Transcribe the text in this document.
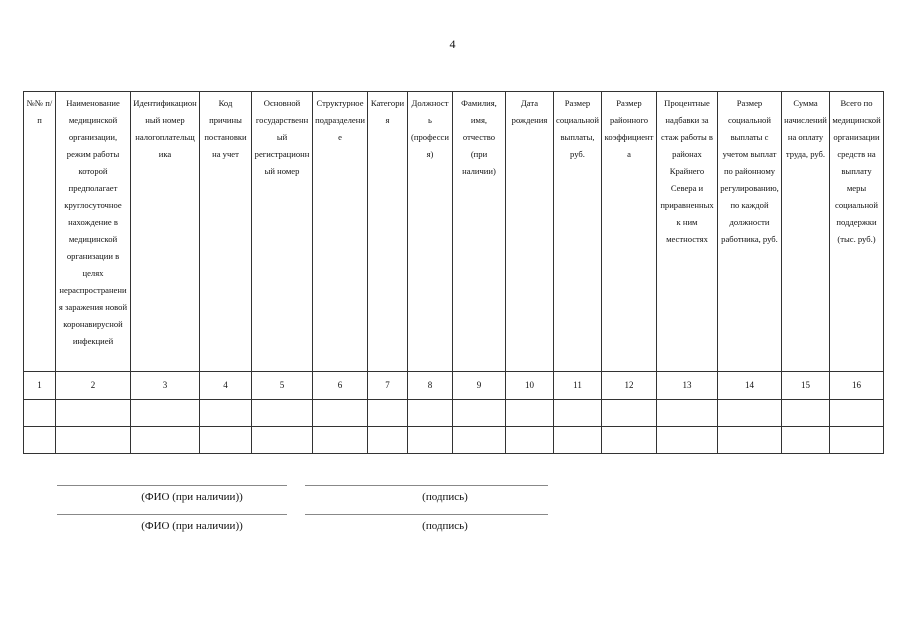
4
№№ п/п	Наименование медицинской организации, режим работы которой предполагает круглосуточное нахождение в медицинской организации в целях нераспространения заражения новой коронавирусной инфекцией	Идентификационный номер налогоплательщика	Код причины постановки на учет	Основной государственный регистрационный номер	Структурное подразделение	Категория	Должность (профессия)	Фамилия, имя, отчество (при наличии)	Дата рождения	Размер социальной выплаты, руб.	Размер районного коэффициента	Процентные надбавки за стаж работы в районах Крайнего Севера и приравненных к ним местностях	Размер социальной выплаты с учетом выплат по районному регулированию, по каждой должности работника, руб.	Сумма начислений на оплату труда, руб.	Всего по медицинской организации средств на выплату меры социальной поддержки (тыс. руб.)
1	2	3	4	5	6	7	8	9	10	11	12	13	14	15	16

(ФИО (при наличии))	(подпись)
(ФИО (при наличии))	(подпись)
